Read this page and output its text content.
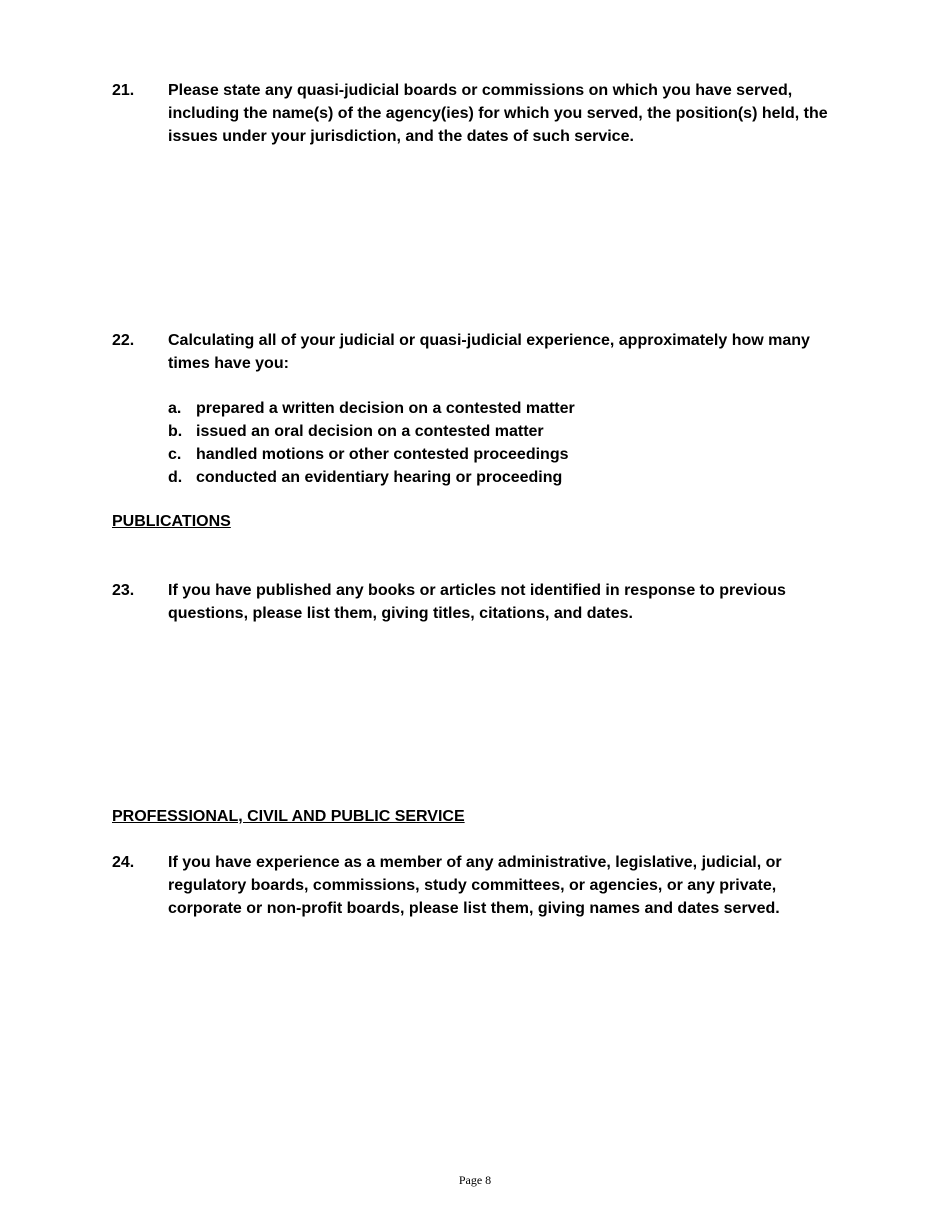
21. Please state any quasi-judicial boards or commissions on which you have served, including the name(s) of the agency(ies) for which you served, the position(s) held, the issues under your jurisdiction, and the dates of such service.
22. Calculating all of your judicial or quasi-judicial experience, approximately how many times have you:
a. prepared a written decision on a contested matter
b. issued an oral decision on a contested matter
c. handled motions or other contested proceedings
d. conducted an evidentiary hearing or proceeding
PUBLICATIONS
23. If you have published any books or articles not identified in response to previous questions, please list them, giving titles, citations, and dates.
PROFESSIONAL, CIVIL AND PUBLIC SERVICE
24. If you have experience as a member of any administrative, legislative, judicial, or regulatory boards, commissions, study committees, or agencies, or any private, corporate or non-profit boards, please list them, giving names and dates served.
Page 8
